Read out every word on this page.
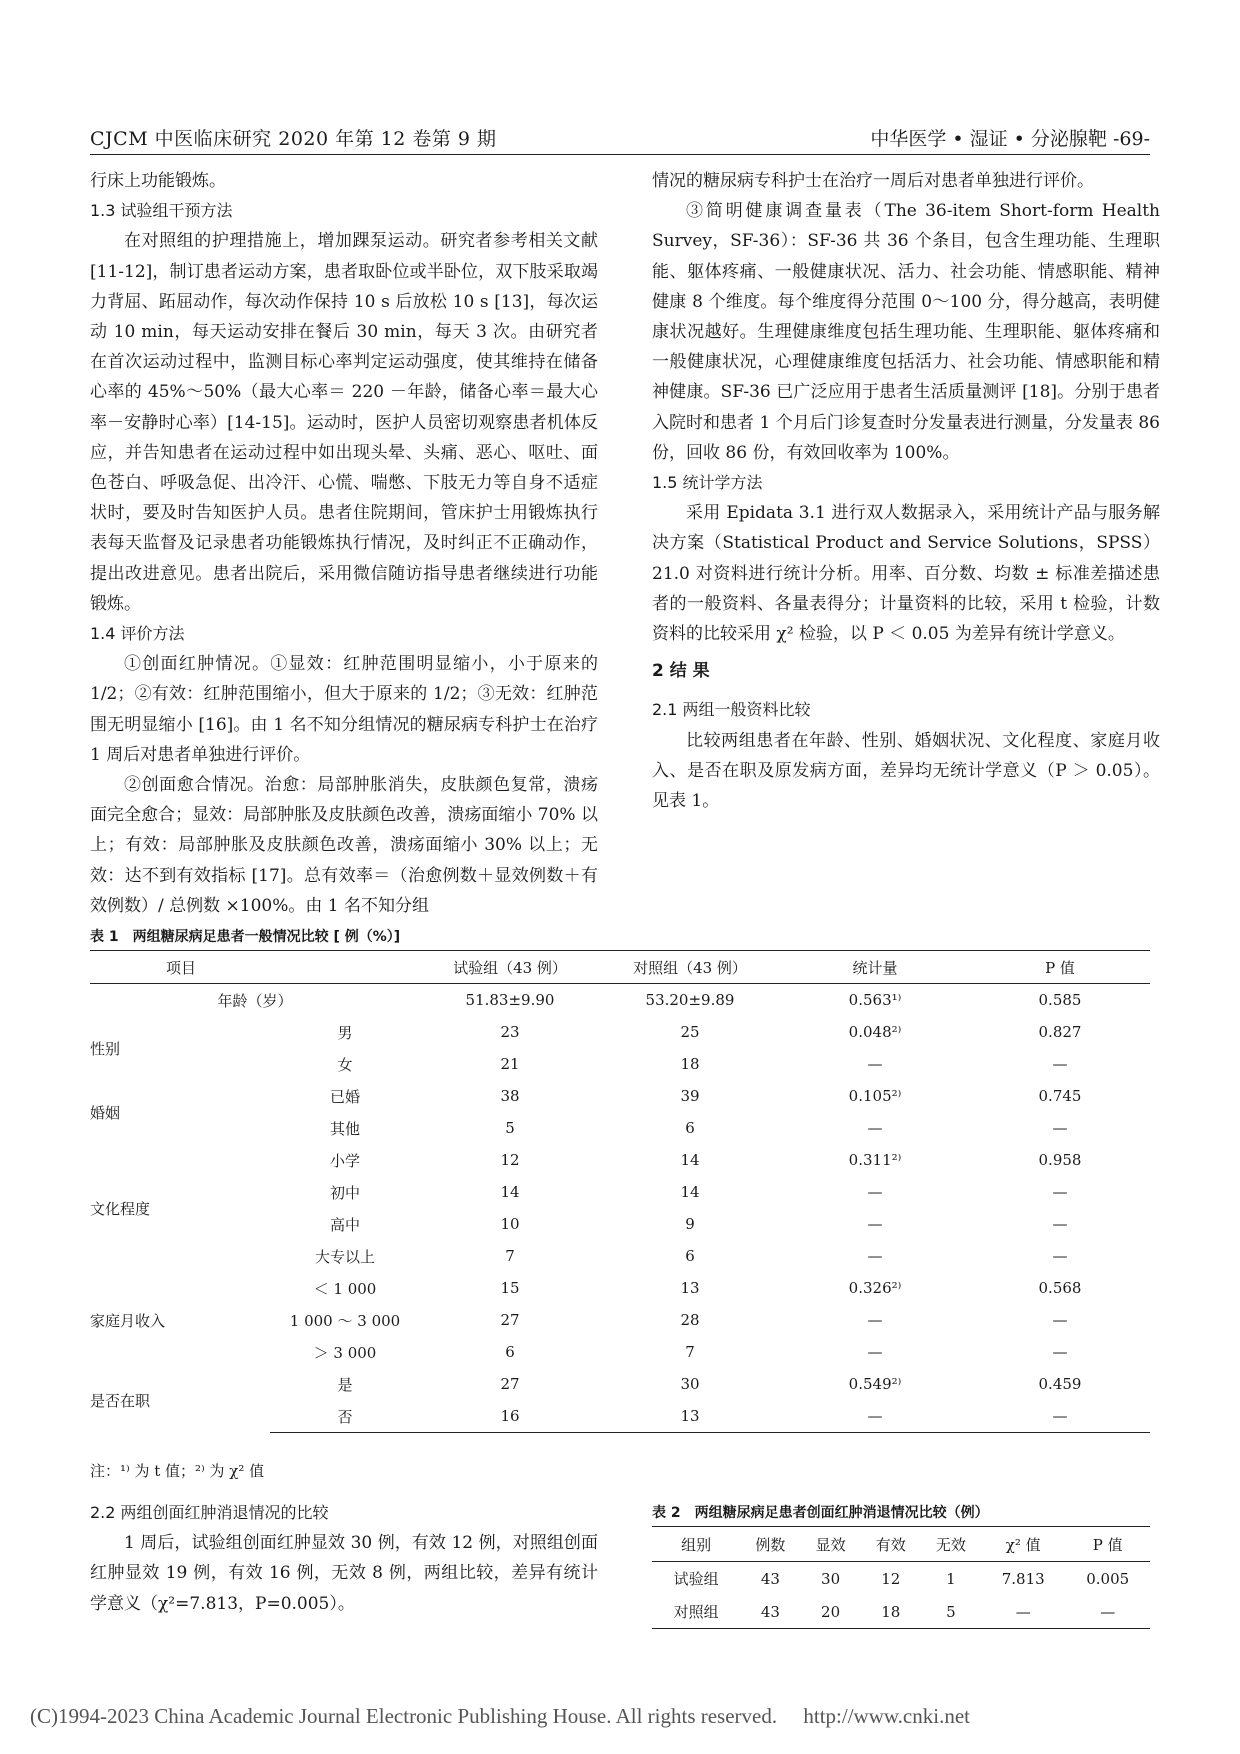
CJCM 中医临床研究 2020 年第 12 卷第 9 期	中华医学 • 湿证 • 分泌腺靶 -69-

行床上功能锻炼。

1.3 试验组干预方法

在对照组的护理措施上，增加踝泵运动。研究者参考相关文献 [11-12]，制订患者运动方案，患者取卧位或半卧位，双下肢采取竭力背屈、跖屈动作，每次动作保持 10 s 后放松 10 s [13]，每次运动 10 min，每天运动安排在餐后 30 min，每天 3 次。由研究者在首次运动过程中，监测目标心率判定运动强度，使其维持在储备心率的 45%～50%（最大心率＝ 220 －年龄，储备心率＝最大心率－安静时心率）[14-15]。运动时，医护人员密切观察患者机体反应，并告知患者在运动过程中如出现头晕、头痛、恶心、呕吐、面色苍白、呼吸急促、出冷汗、心慌、喘憋、下肢无力等自身不适症状时，要及时告知医护人员。患者住院期间，管床护士用锻炼执行表每天监督及记录患者功能锻炼执行情况，及时纠正不正确动作，提出改进意见。患者出院后，采用微信随访指导患者继续进行功能锻炼。

1.4 评价方法

①创面红肿情况。①显效：红肿范围明显缩小，小于原来的 1/2；②有效：红肿范围缩小，但大于原来的 1/2；③无效：红肿范围无明显缩小 [16]。由 1 名不知分组情况的糖尿病专科护士在治疗 1 周后对患者单独进行评价。

②创面愈合情况。治愈：局部肿胀消失，皮肤颜色复常，溃疡面完全愈合；显效：局部肿胀及皮肤颜色改善，溃疡面缩小 70% 以上；有效：局部肿胀及皮肤颜色改善，溃疡面缩小 30% 以上；无效：达不到有效指标 [17]。总有效率＝（治愈例数＋显效例数＋有效例数）/ 总例数 ×100%。由 1 名不知分组

情况的糖尿病专科护士在治疗一周后对患者单独进行评价。

③简明健康调查量表（The 36-item Short-form Health Survey，SF-36）：SF-36 共 36 个条目，包含生理功能、生理职能、躯体疼痛、一般健康状况、活力、社会功能、情感职能、精神健康 8 个维度。每个维度得分范围 0～100 分，得分越高，表明健康状况越好。生理健康维度包括生理功能、生理职能、躯体疼痛和一般健康状况，心理健康维度包括活力、社会功能、情感职能和精神健康。SF-36 已广泛应用于患者生活质量测评 [18]。分别于患者入院时和患者 1 个月后门诊复查时分发量表进行测量，分发量表 86 份，回收 86 份，有效回收率为 100%。

1.5 统计学方法

采用 Epidata 3.1 进行双人数据录入，采用统计产品与服务解决方案（Statistical Product and Service Solutions，SPSS）21.0 对资料进行统计分析。用率、百分数、均数 ± 标准差描述患者的一般资料、各量表得分；计量资料的比较，采用 t 检验，计数资料的比较采用 χ² 检验，以 P ＜ 0.05 为差异有统计学意义。

2 结 果

2.1 两组一般资料比较

比较两组患者在年龄、性别、婚姻状况、文化程度、家庭月收入、是否在职及原发病方面，差异均无统计学意义（P ＞ 0.05）。见表 1。

表 1　两组糖尿病足患者一般情况比较 [ 例（%）]
项目		试验组（43 例）	对照组（43 例）	统计量	P 值
年龄（岁）		51.83±9.90	53.20±9.89	0.563¹⁾	0.585
性别	男	23	25	0.048²⁾	0.827
	女	21	18	—	—
婚姻	已婚	38	39	0.105²⁾	0.745
	其他	5	6	—	—
文化程度	小学	12	14	0.311²⁾	0.958
	初中	14	14	—	—
	高中	10	9	—	—
	大专以上	7	6	—	—
家庭月收入	＜ 1 000	15	13	0.326²⁾	0.568
	1 000 ～ 3 000	27	28	—	—
	＞ 3 000	6	7	—	—
是否在职	是	27	30	0.549²⁾	0.459
	否	16	13	—	—
注：¹⁾ 为 t 值；²⁾ 为 χ² 值

2.2 两组创面红肿消退情况的比较

1 周后，试验组创面红肿显效 30 例，有效 12 例，对照组创面红肿显效 19 例，有效 16 例，无效 8 例，两组比较，差异有统计学意义（χ²=7.813，P=0.005）。

表 2　两组糖尿病足患者创面红肿消退情况比较（例）
组别	例数	显效	有效	无效	χ² 值	P 值
试验组	43	30	12	1	7.813	0.005
对照组	43	20	18	5	—	—
(C)1994-2023 China Academic Journal Electronic Publishing House. All rights reserved.　 http://www.cnki.net
